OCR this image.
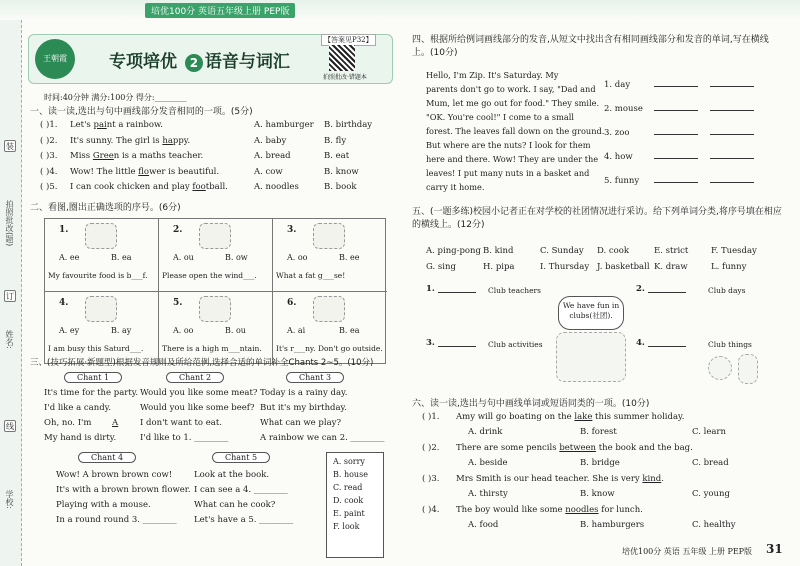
培优100分 英语五年级上册 PEP版
拍照批改(题)
装
订
线
姓名:
学校:
王朝霞	专项培优 2 语音与词汇
【答案见P32】
拍照批改·错题本
时间:40分钟 满分:100分 得分:________
一、读一读,选出与句中画线部分发音相同的一项。(5分)
( )1. Let's paint a rainbow.	A. hamburger B. birthday
( )2. It's sunny. The girl is happy.	A. baby	B. fly
( )3. Miss Green is a maths teacher.	A. bread	B. eat
( )4. Wow! The little flower is beautiful.	A. cow	B. know
( )5. I can cook chicken and play football.	A. noodles	B. book
二、看图,圈出正确选项的序号。(6分)
1.
A. ee	B. ea
My favourite food is b___f.
2.
A. ou	B. ow
Please open the wind___.
3.
A. oo	B. ee
What a fat g___se!
4.
A. ey	B. ay
I am busy this Saturd___.
5.
A. oo	B. ou
There is a high m___ntain.
6.
A. ai	B. ea
It's r___ny. Don't go outside.
三、(技巧拓展·新题型)根据发音规则及所给范例,选择合适的单词补全Chants 2~5。(10分)
Chant 1	Chant 2	Chant 3
It's time for the party.
I'd like a candy.
Oh, no. I'm
My hand is dirty.
Would you like some meat?
Would you like some beef?
I don't want to eat.
I'd like to 1. ________
Today is a rainy day.
But it's my birthday.
What can we play?
A rainbow we can 2. ________
A
Chant 4	Chant 5
Wow! A brown brown cow!
It's with a brown brown flower.
Playing with a mouse.
In a round round 3. ________
Look at the book.
I can see a 4. ________
What can he cook?
Let's have a 5. ________
A. sorry
B. house
C. read
D. cook
E. paint
F. look
四、根据所给例词画线部分的发音,从短文中找出含有相同画线部分和发音的单词,写在横线上。(10分)
Hello, I'm Zip. It's Saturday. My
parents don't go to work. I say, "Dad and
Mum, let me go out for food." They smile.
"OK. You're cool!" I come to a small
forest. The leaves fall down on the ground.
But where are the nuts? I look for them
here and there. Wow! They are under the
leaves! I put many nuts in a basket and
carry it home.
1. day
2. mouse
3. zoo
4. how
5. funny
五、(一题多练)校园小记者正在对学校的社团情况进行采访。给下列单词分类,将序号填在相应的横线上。(12分)
A. ping-pong B. kind	C. Sunday D. cook	E. strict	F. Tuesday
G. sing	H. pipa	I. Thursday J. basketball K. draw	L. funny
1.	Club teachers	2.	Club days
3.	Club activities	4.	Club things
We have fun in clubs(社团).
六、读一读,选出与句中画线单词或短语同类的一项。(10分)
( )1. Amy will go boating on the lake this summer holiday.
A. drink	B. forest	C. learn
( )2. There are some pencils between the book and the bag.
A. beside	B. bridge	C. bread
( )3. Mrs Smith is our head teacher. She is very kind.
A. thirsty	B. know	C. young
( )4. The boy would like some noodles for lunch.
A. food	B. hamburgers	C. healthy
培优100分 英语 五年级 上册 PEP版 31
